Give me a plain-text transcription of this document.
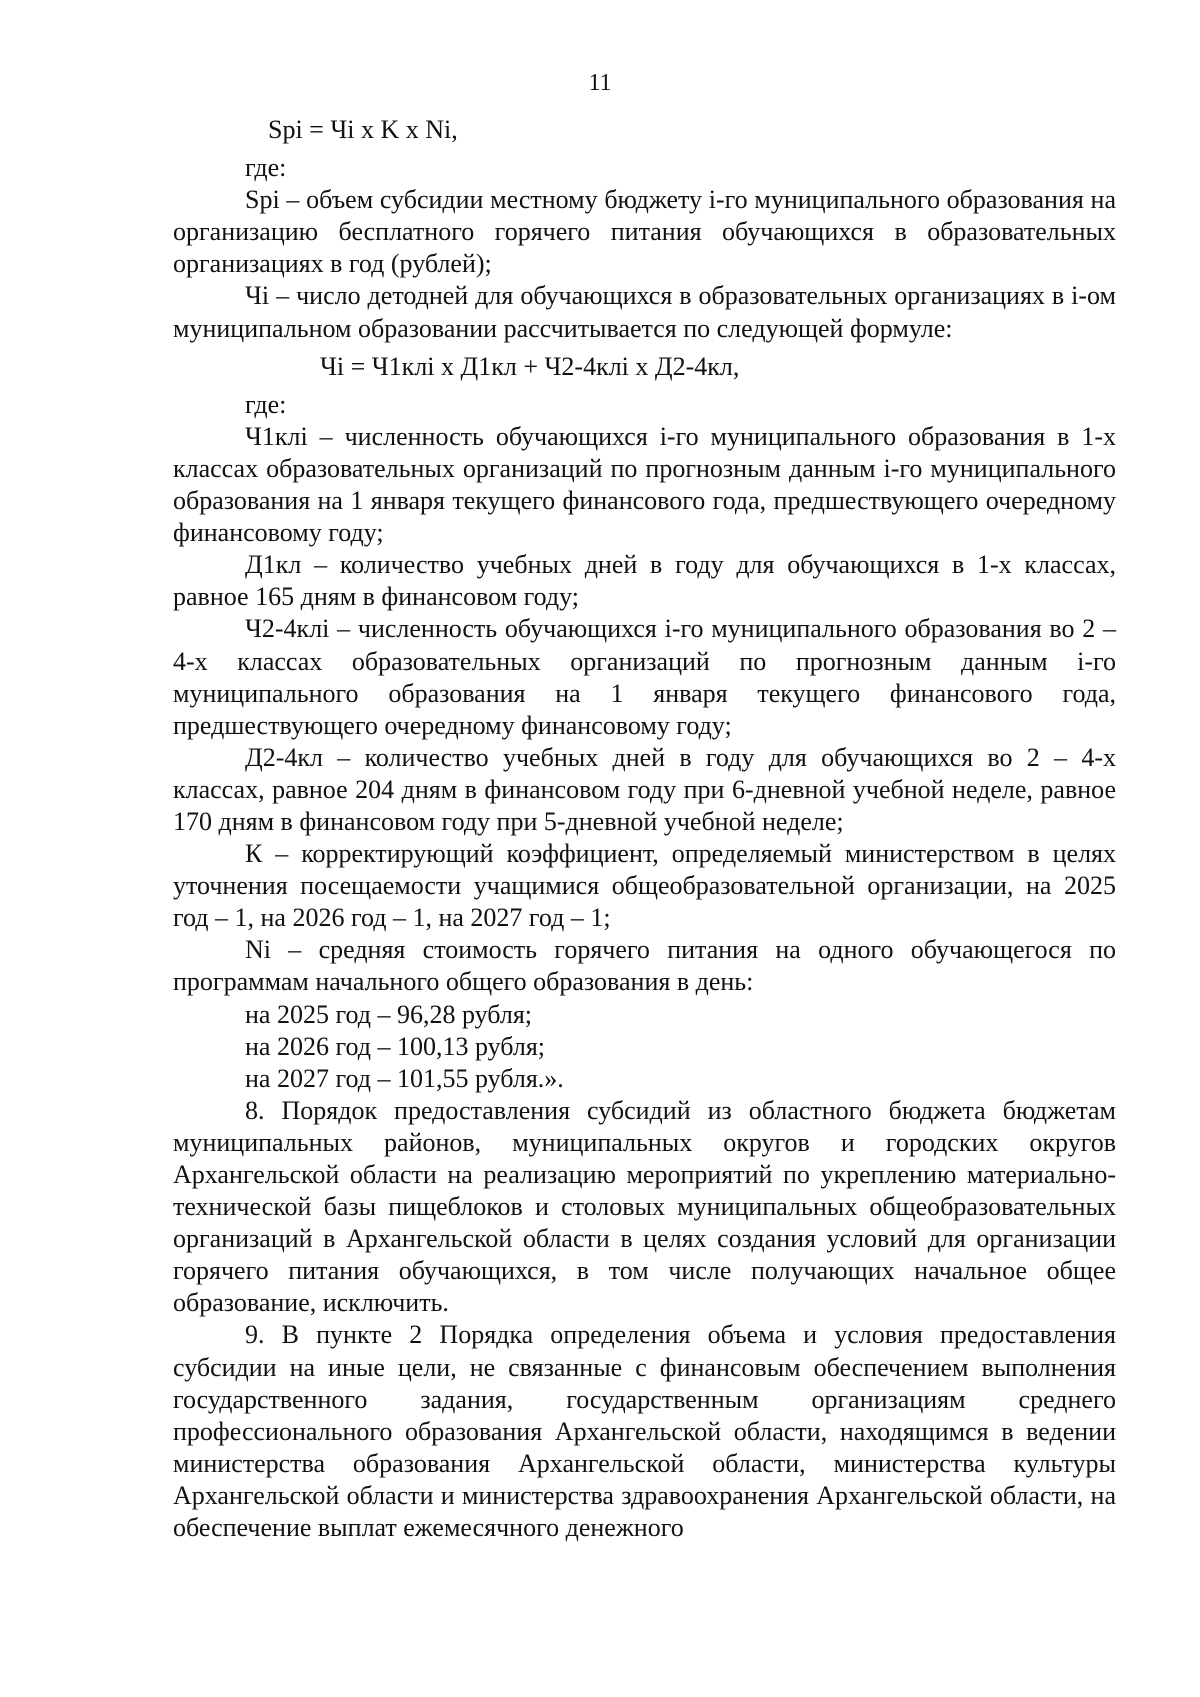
11

Spi = Чi х K х Ni,

где:

Spi – объем субсидии местному бюджету i-го муниципального образования на организацию бесплатного горячего питания обучающихся в образовательных организациях в год (рублей);

Чi – число детодней для обучающихся в образовательных организациях в i-ом муниципальном образовании рассчитывается по следующей формуле:

Чi = Ч1клi х Д1кл + Ч2-4клi х Д2-4кл,

где:

Ч1клi – численность обучающихся i-го муниципального образования в 1-х классах образовательных организаций по прогнозным данным i-го муниципального образования на 1 января текущего финансового года, предшествующего очередному финансовому году;

Д1кл – количество учебных дней в году для обучающихся в 1-х классах, равное 165 дням в финансовом году;

Ч2-4клi – численность обучающихся i-го муниципального образования во 2 – 4-х классах образовательных организаций по прогнозным данным i-го муниципального образования на 1 января текущего финансового года, предшествующего очередному финансовому году;

Д2-4кл – количество учебных дней в году для обучающихся во 2 – 4-х классах, равное 204 дням в финансовом году при 6-дневной учебной неделе, равное 170 дням в финансовом году при 5-дневной учебной неделе;

К – корректирующий коэффициент, определяемый министерством в целях уточнения посещаемости учащимися общеобразовательной организации, на 2025 год – 1, на 2026 год – 1, на 2027 год – 1;

Ni – средняя стоимость горячего питания на одного обучающегося по программам начального общего образования в день:

на 2025 год – 96,28 рубля;

на 2026 год – 100,13 рубля;

на 2027 год – 101,55 рубля.».

8. Порядок предоставления субсидий из областного бюджета бюджетам муниципальных районов, муниципальных округов и городских округов Архангельской области на реализацию мероприятий по укреплению материально-технической базы пищеблоков и столовых муниципальных общеобразовательных организаций в Архангельской области в целях создания условий для организации горячего питания обучающихся, в том числе получающих начальное общее образование, исключить.

9. В пункте 2 Порядка определения объема и условия предоставления субсидии на иные цели, не связанные с финансовым обеспечением выполнения государственного задания, государственным организациям среднего профессионального образования Архангельской области, находящимся в ведении министерства образования Архангельской области, министерства культуры Архангельской области и министерства здравоохранения Архангельской области, на обеспечение выплат ежемесячного денежного
